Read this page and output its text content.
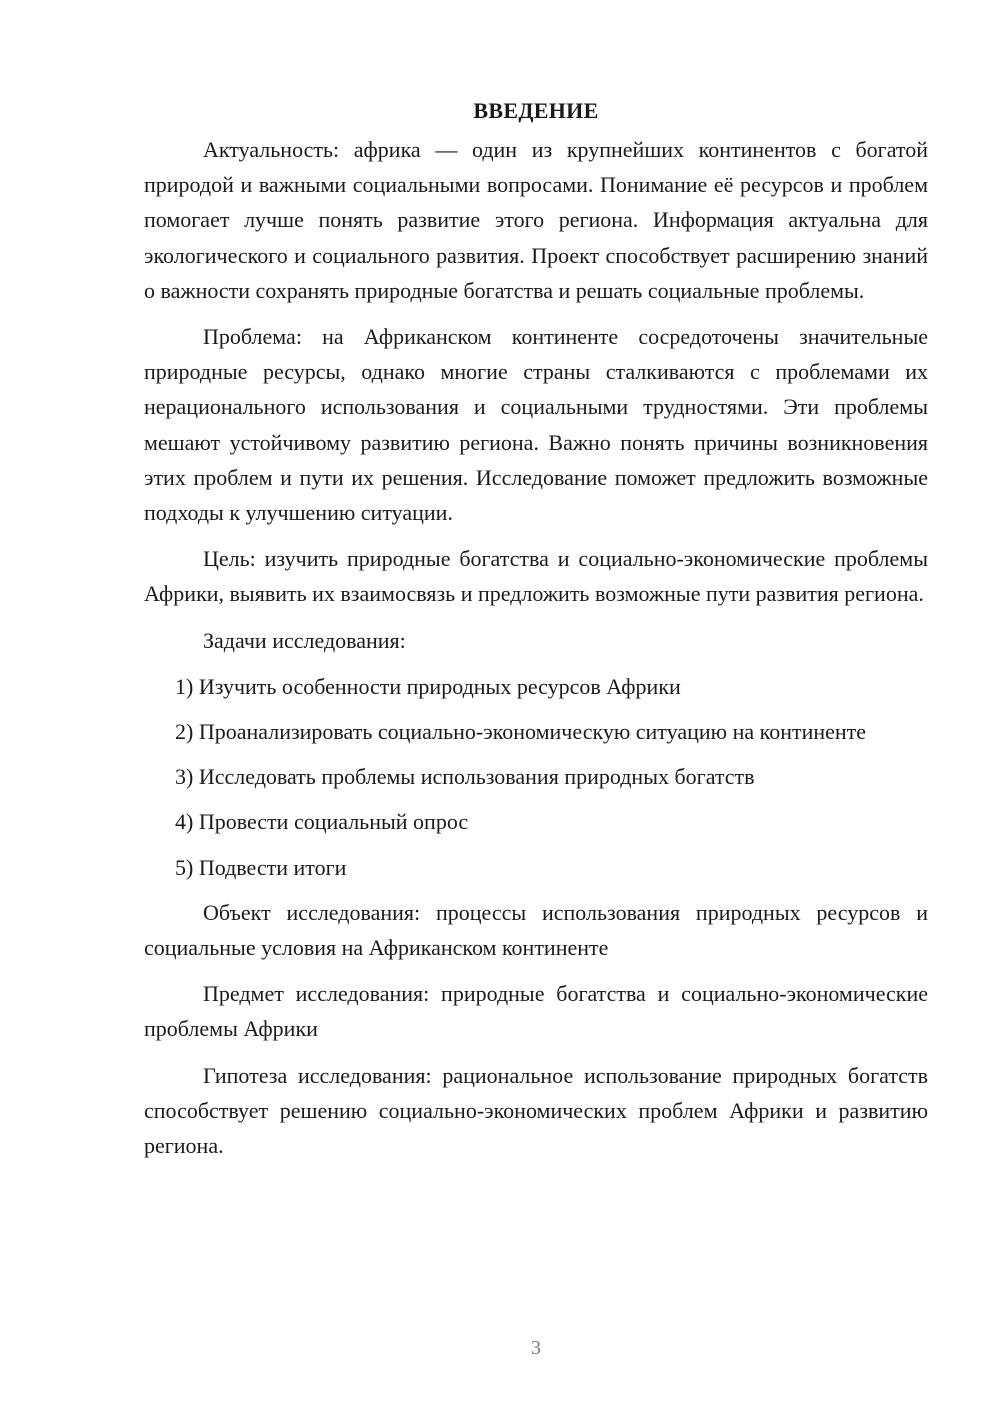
ВВЕДЕНИЕ

Актуальность: африка — один из крупнейших континентов с богатой природой и важными социальными вопросами. Понимание её ресурсов и проблем помогает лучше понять развитие этого региона. Информация актуальна для экологического и социального развития. Проект способствует расширению знаний о важности сохранять природные богатства и решать социальные проблемы.

Проблема: на Африканском континенте сосредоточены значительные природные ресурсы, однако многие страны сталкиваются с проблемами их нерационального использования и социальными трудностями. Эти проблемы мешают устойчивому развитию региона. Важно понять причины возникновения этих проблем и пути их решения. Исследование поможет предложить возможные подходы к улучшению ситуации.

Цель: изучить природные богатства и социально-экономические проблемы Африки, выявить их взаимосвязь и предложить возможные пути развития региона.

Задачи исследования:

1) Изучить особенности природных ресурсов Африки

2) Проанализировать социально-экономическую ситуацию на континенте

3) Исследовать проблемы использования природных богатств

4) Провести социальный опрос

5) Подвести итоги

Объект исследования: процессы использования природных ресурсов и социальные условия на Африканском континенте

Предмет исследования: природные богатства и социально-экономические проблемы Африки

Гипотеза исследования: рациональное использование природных богатств способствует решению социально-экономических проблем Африки и развитию региона.

3
